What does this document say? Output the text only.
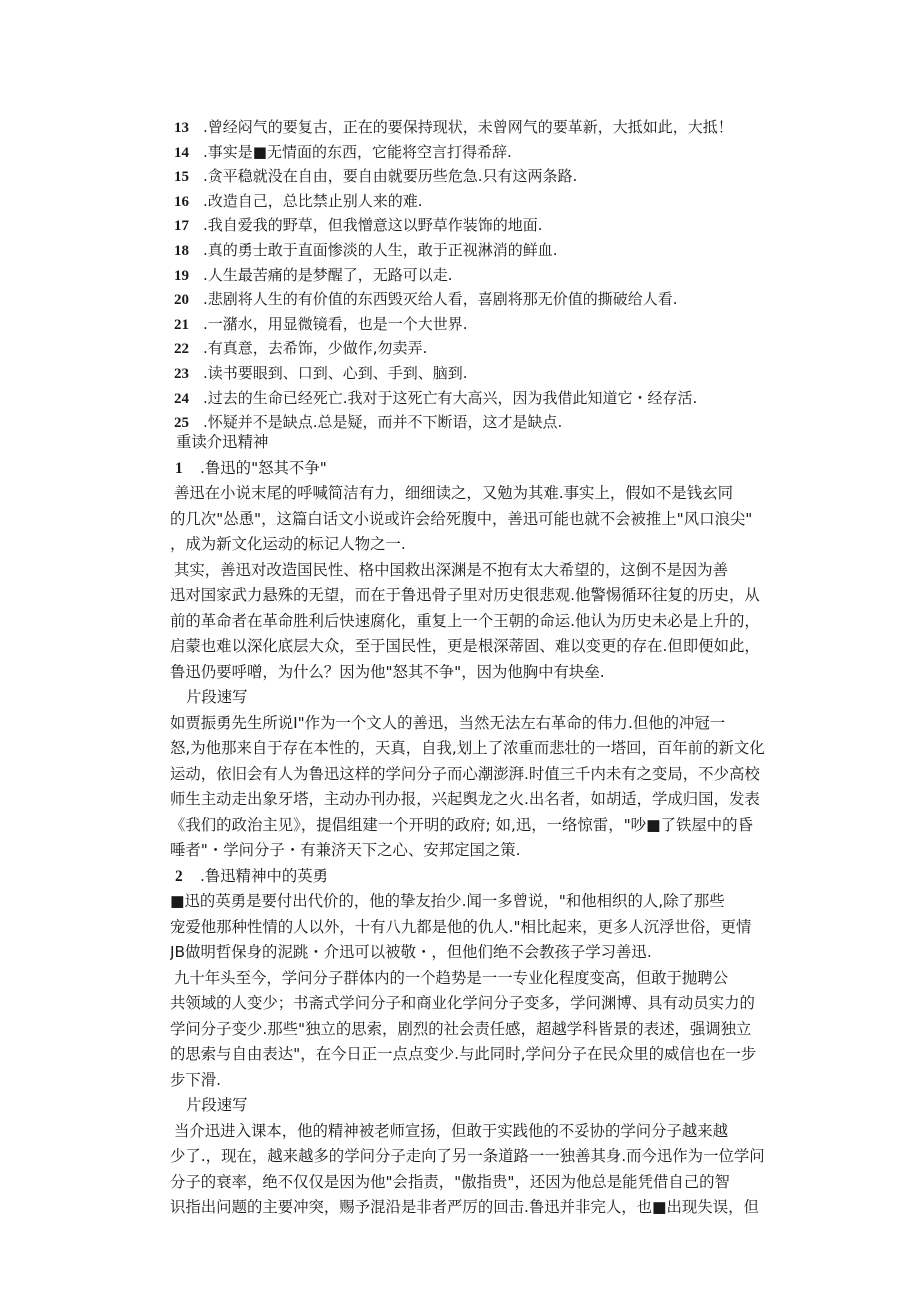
13 .曾经闷气的要复古，正在的要保持现状，未曾网气的要革新，大抵如此，大抵！
14 .事实是■无情面的东西，它能将空言打得希辞.
15 .贪平稳就没在自由，要自由就要历些危急.只有这两条路.
16 .改造自己，总比禁止别人来的难.
17 .我自爱我的野草，但我憎意这以野草作装饰的地面.
18 .真的勇士敢于直面惨淡的人生，敢于正视淋消的鲜血.
19 .人生最苦痛的是梦醒了，无路可以走.
20 .悲剧将人生的有价值的东西毁灭给人看，喜剧将那无价值的撕破给人看.
21 .一潴水，用显微镜看，也是一个大世界.
22 .有真意，去希饰，少做作,勿卖弄.
23 .读书要眼到、口到、心到、手到、脑到.
24 .过去的生命已经死亡.我对于这死亡有大高兴，因为我借此知道它・经存活.
25 .怀疑并不是缺点.总是疑，而并不下断语，这才是缺点.
重读介迅精神
1 .鲁迅的"怒其不争"
善迅在小说末尾的呼喊简洁有力，细细读之，又勉为其难.事实上，假如不是钱玄同
的几次"怂恿"，这篇白话文小说或许会给死腹中，善迅可能也就不会被推上"风口浪尖"
，成为新文化运动的标记人物之一.
其实，善迅对改造国民性、格中国救出深渊是不抱有太大希望的，这倒不是因为善
迅对国家武力悬殊的无望，而在于鲁迅骨子里对历史很悲观.他警惕循环往复的历史，从
前的革命者在革命胜利后快速腐化，重复上一个王朝的命运.他认为历史未必是上升的，
启蒙也难以深化底层大众，至于国民性，更是根深蒂固、难以变更的存在.但即便如此，
鲁迅仍要呼噌，为什么？因为他"怒其不争"，因为他胸中有块垒.
片段速写
如贾振勇先生所说I"作为一个文人的善迅，当然无法左右革命的伟力.但他的冲冠一
怒,为他那来自于存在本性的，天真，自我,划上了浓重而悲壮的一塔回，百年前的新文化
运动，依旧会有人为鲁迅这样的学问分子而心潮澎湃.时值三千内未有之变局，不少高校
师生主动走出象牙塔，主动办刊办报，兴起舆龙之火.出名者，如胡适，学成归国，发表
《我们的政治主见》，提倡组建一个开明的政府; 如,迅，一络惊雷，"吵■了铁屋中的昏
唾者"・学问分子・有兼济天下之心、安邦定国之策.
2 .鲁迅精神中的英勇
■迅的英勇是要付出代价的，他的挚友抬少.闻一多曾说，"和他相织的人,除了那些
宠爱他那种性情的人以外，十有八九都是他的仇人."相比起来，更多人沉浮世俗，更情
JB做明哲保身的泥跳・介迅可以被敬・，但他们绝不会教孩子学习善迅.
九十年头至今，学问分子群体内的一个趋势是一一专业化程度变高，但敢于抛聘公
共领域的人变少；书斋式学问分子和商业化学问分子变多，学问渊博、具有动员实力的
学问分子变少.那些"独立的思索，剧烈的社会责任感，超越学科皆景的表述，强调独立
的思索与自由表达"，在今日正一点点变少.与此同时,学问分子在民众里的威信也在一步
步下滑.
片段速写
当介迅进入课本，他的精神被老师宣扬，但敢于实践他的不妥协的学问分子越来越
少了.，现在，越来越多的学问分子走向了另一条道路一一独善其身.而今迅作为一位学问
分子的衰率，绝不仅仅是因为他"会指责，"傲指贵"，还因为他总是能凭借自己的智
识指出问题的主要冲突，赐予混沿是非者严厉的回击.鲁迅并非完人，也■出现失误，但
